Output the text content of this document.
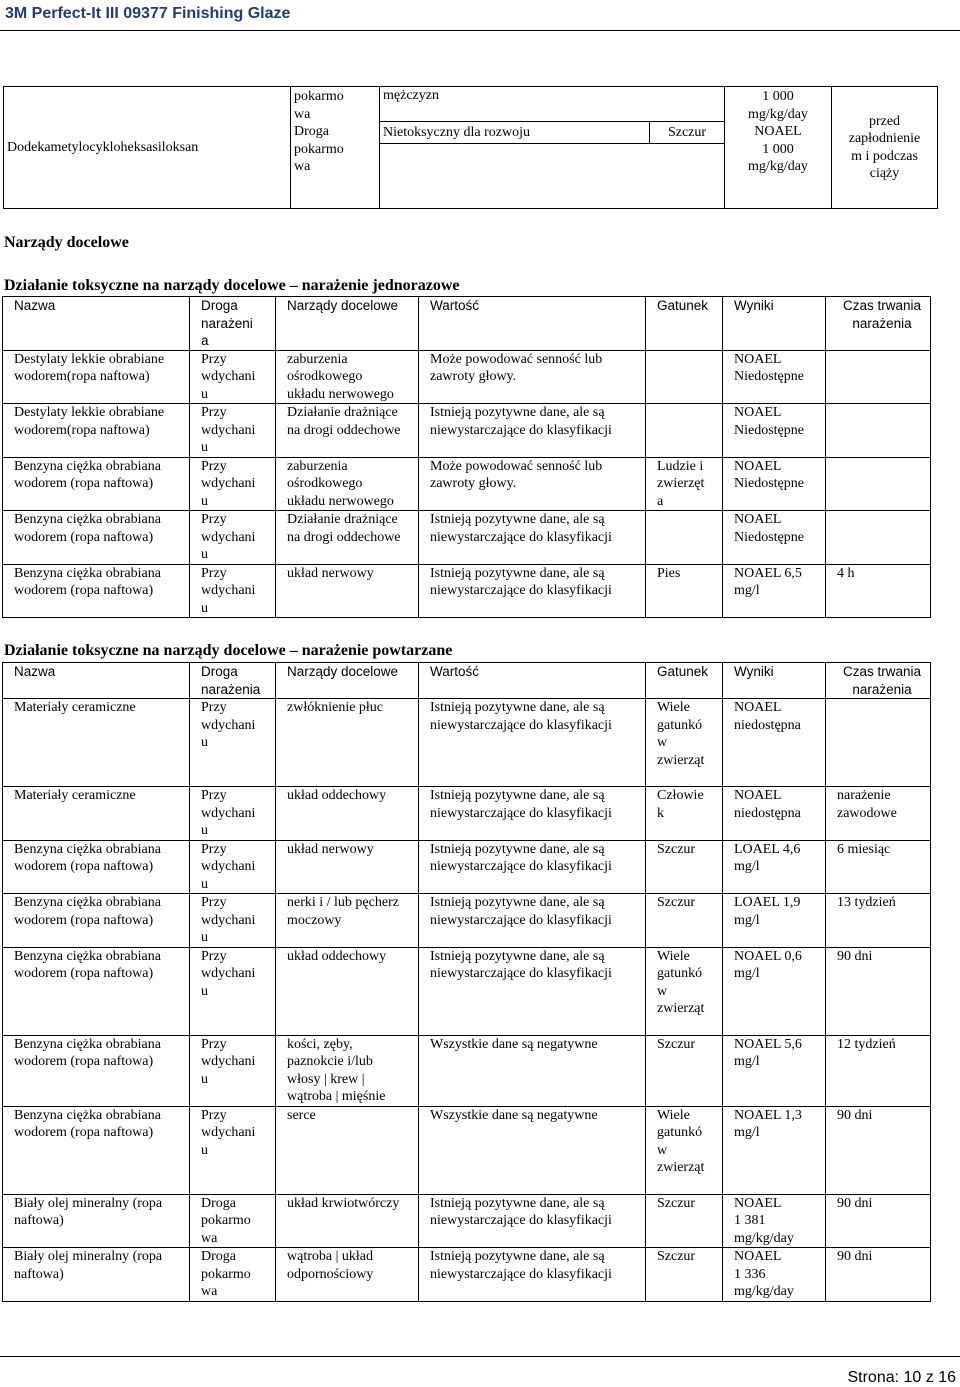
3M Perfect-It III 09377 Finishing Glaze
Dodekametylocykloheksasiloksan	pokarmo
wa
Droga
pokarmo
wa	mężczyzn		1 000
mg/kg/day
NOAEL
1 000
mg/kg/day	przed
zapłodnienie
m i podczas
ciąży
		Nietoksyczny dla rozwoju	Szczur		

Narządy docelowe
Działanie toksyczne na narządy docelowe – narażenie jednorazowe
Nazwa	Droga
narażeni
a	Narządy docelowe	Wartość	Gatunek	Wyniki	Czas trwania
narażenia
Destylaty lekkie obrabiane
wodorem(ropa naftowa)	Przy
wdychani
u	zaburzenia
ośrodkowego
układu nerwowego	Może powodować senność lub
zawroty głowy.		NOAEL
Niedostępne	
Destylaty lekkie obrabiane
wodorem(ropa naftowa)	Przy
wdychani
u	Działanie drażniące
na drogi oddechowe	Istnieją pozytywne dane, ale są
niewystarczające do klasyfikacji		NOAEL
Niedostępne	
Benzyna ciężka obrabiana
wodorem (ropa naftowa)	Przy
wdychani
u	zaburzenia
ośrodkowego
układu nerwowego	Może powodować senność lub
zawroty głowy.	Ludzie i
zwierzęt
a	NOAEL
Niedostępne	
Benzyna ciężka obrabiana
wodorem (ropa naftowa)	Przy
wdychani
u	Działanie drażniące
na drogi oddechowe	Istnieją pozytywne dane, ale są
niewystarczające do klasyfikacji		NOAEL
Niedostępne	
Benzyna ciężka obrabiana
wodorem (ropa naftowa)	Przy
wdychani
u	układ nerwowy	Istnieją pozytywne dane, ale są
niewystarczające do klasyfikacji	Pies	NOAEL 6,5
mg/l	4 h
Działanie toksyczne na narządy docelowe – narażenie powtarzane
Nazwa	Droga
narażenia	Narządy docelowe	Wartość	Gatunek	Wyniki	Czas trwania
narażenia
Materiały ceramiczne	Przy
wdychani
u	zwłóknienie płuc	Istnieją pozytywne dane, ale są
niewystarczające do klasyfikacji	Wiele
gatunkó
w
zwierząt	NOAEL
niedostępna	
Materiały ceramiczne	Przy
wdychani
u	układ oddechowy	Istnieją pozytywne dane, ale są
niewystarczające do klasyfikacji	Człowie
k	NOAEL
niedostępna	narażenie
zawodowe
Benzyna ciężka obrabiana
wodorem (ropa naftowa)	Przy
wdychani
u	układ nerwowy	Istnieją pozytywne dane, ale są
niewystarczające do klasyfikacji	Szczur	LOAEL 4,6
mg/l	6 miesiąc
Benzyna ciężka obrabiana
wodorem (ropa naftowa)	Przy
wdychani
u	nerki i / lub pęcherz
moczowy	Istnieją pozytywne dane, ale są
niewystarczające do klasyfikacji	Szczur	LOAEL 1,9
mg/l	13 tydzień
Benzyna ciężka obrabiana
wodorem (ropa naftowa)	Przy
wdychani
u	układ oddechowy	Istnieją pozytywne dane, ale są
niewystarczające do klasyfikacji	Wiele
gatunkó
w
zwierząt	NOAEL 0,6
mg/l	90 dni
Benzyna ciężka obrabiana
wodorem (ropa naftowa)	Przy
wdychani
u	kości, zęby,
paznokcie i/lub
włosy | krew |
wątroba | mięśnie	Wszystkie dane są negatywne	Szczur	NOAEL 5,6
mg/l	12 tydzień
Benzyna ciężka obrabiana
wodorem (ropa naftowa)	Przy
wdychani
u	serce	Wszystkie dane są negatywne	Wiele
gatunkó
w
zwierząt	NOAEL 1,3
mg/l	90 dni
Biały olej mineralny (ropa
naftowa)	Droga
pokarmo
wa	układ krwiotwórczy	Istnieją pozytywne dane, ale są
niewystarczające do klasyfikacji	Szczur	NOAEL
1 381
mg/kg/day	90 dni
Biały olej mineralny (ropa
naftowa)	Droga
pokarmo
wa	wątroba | układ
odpornościowy	Istnieją pozytywne dane, ale są
niewystarczające do klasyfikacji	Szczur	NOAEL
1 336
mg/kg/day	90 dni
Strona: 10 z 16
